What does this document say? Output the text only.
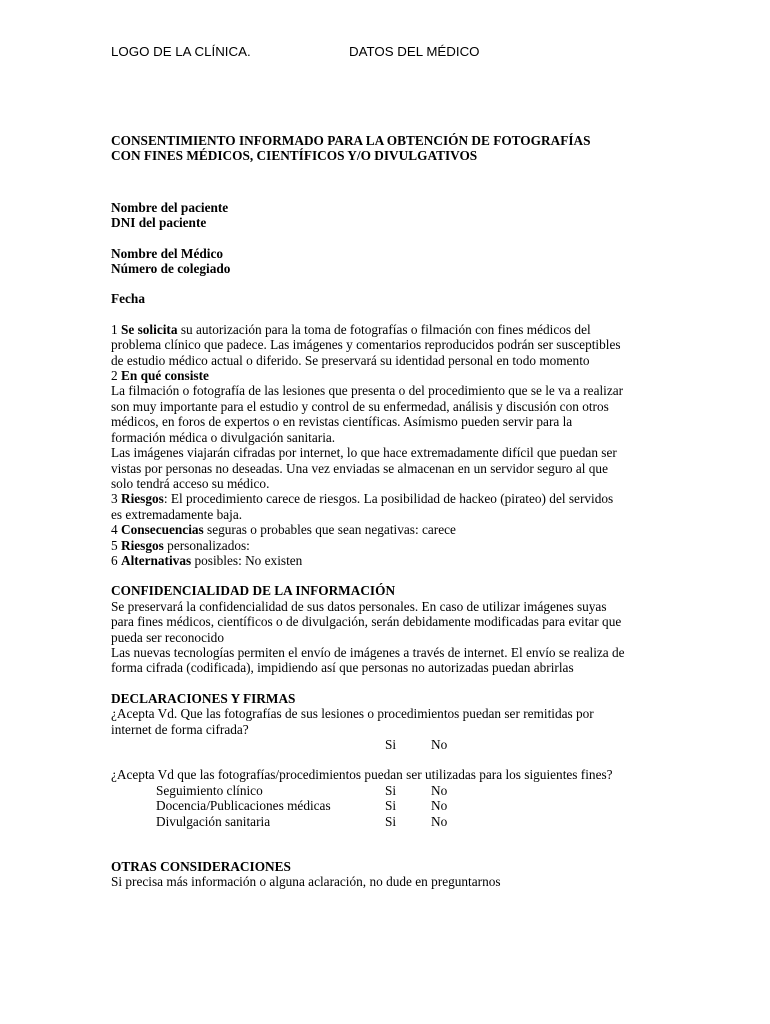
LOGO DE LA CLÍNICA.	DATOS DEL MÉDICO
CONSENTIMIENTO INFORMADO PARA LA OBTENCIÓN DE FOTOGRAFÍAS
CON FINES MÉDICOS, CIENTÍFICOS Y/O DIVULGATIVOS
Nombre del paciente
DNI del paciente
Nombre del Médico
Número de colegiado
Fecha
1 Se solicita su autorización para la toma de fotografías o filmación con fines médicos del
problema clínico que padece. Las imágenes y comentarios reproducidos podrán ser susceptibles
de estudio médico actual o diferido. Se preservará su identidad personal en todo momento
2 En qué consiste
La filmación o fotografía de las lesiones que presenta o del procedimiento que se le va a realizar
son muy importante para el estudio y control de su enfermedad, análisis y discusión con otros
médicos, en foros de expertos o en revistas científicas. Asímismo pueden servir para la
formación médica o divulgación sanitaria.
Las imágenes viajarán cifradas por internet, lo que hace extremadamente difícil que puedan ser
vistas por personas no deseadas. Una vez enviadas se almacenan en un servidor seguro al que
solo tendrá acceso su médico.
3 Riesgos: El procedimiento carece de riesgos. La posibilidad de hackeo (pirateo) del servidos
es extremadamente baja.
4 Consecuencias seguras o probables que sean negativas: carece
5 Riesgos personalizados:
6 Alternativas posibles: No existen
CONFIDENCIALIDAD DE LA INFORMACIÓN
Se preservará la confidencialidad de sus datos personales. En caso de utilizar imágenes suyas
para fines médicos, científicos o de divulgación, serán debidamente modificadas para evitar que
pueda ser reconocido
Las nuevas tecnologías permiten el envío de imágenes a través de internet. El envío se realiza de
forma cifrada (codificada), impidiendo así que personas no autorizadas puedan abrirlas
DECLARACIONES Y FIRMAS
¿Acepta Vd. Que las fotografías de sus lesiones o procedimientos puedan ser remitidas por
internet de forma cifrada?
Si	No
¿Acepta Vd que las fotografías/procedimientos puedan ser utilizadas para los siguientes fines?
Seguimiento clínico	Si	No
Docencia/Publicaciones médicas	Si	No
Divulgación sanitaria	Si	No
OTRAS CONSIDERACIONES
Si precisa más información o alguna aclaración, no dude en preguntarnos
